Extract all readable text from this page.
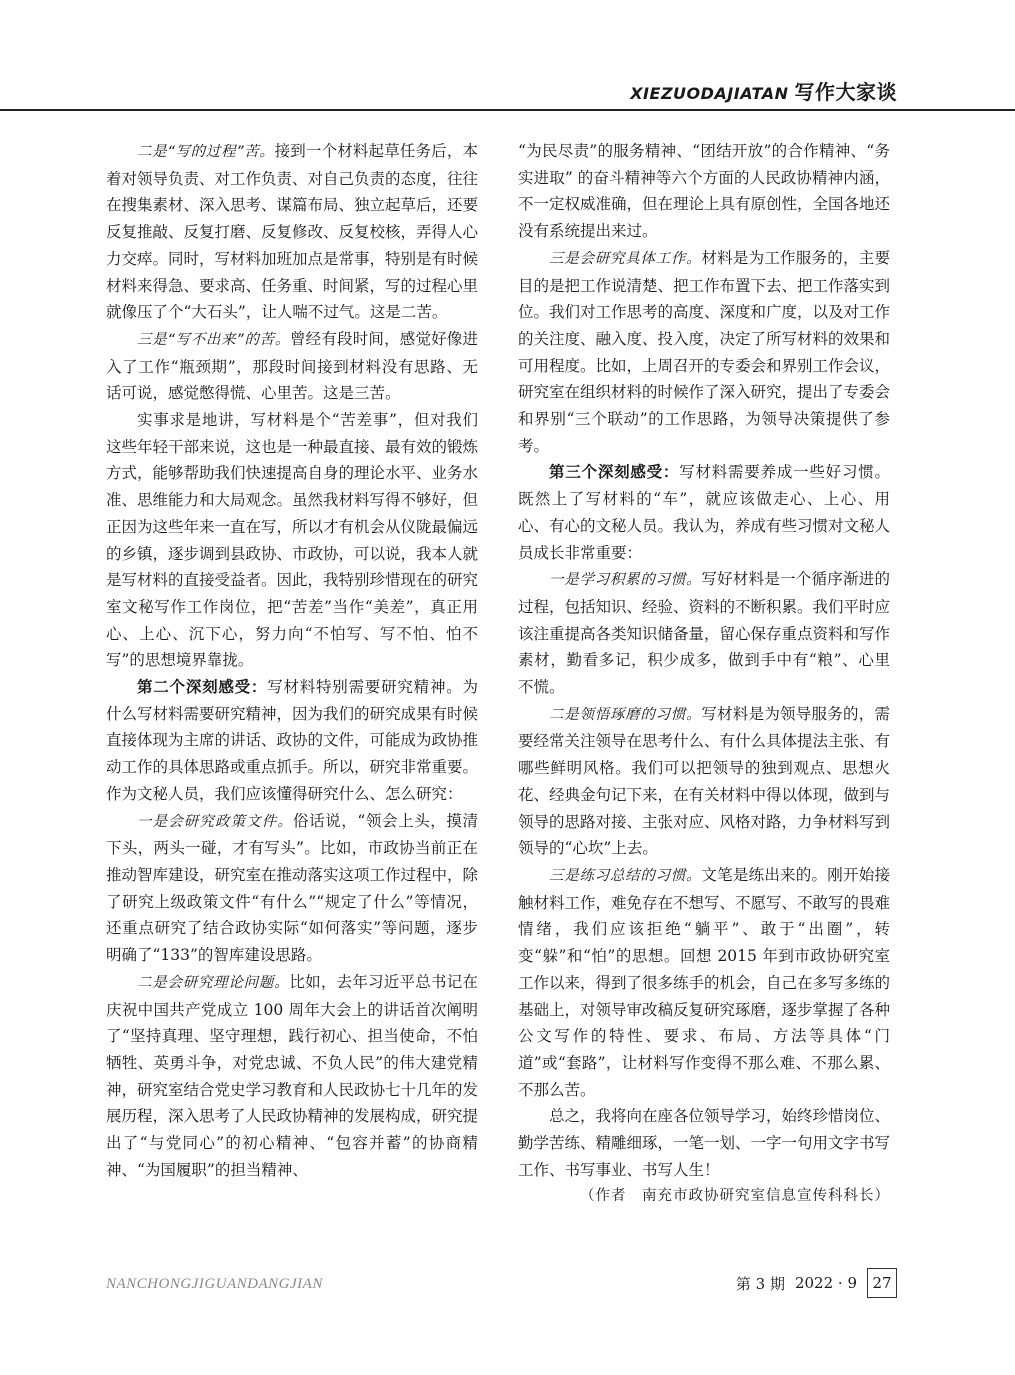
XIEZUODAJIATAN 写作大家谈

二是“写的过程”苦。接到一个材料起草任务后，本着对领导负责、对工作负责、对自己负责的态度，往往在搜集素材、深入思考、谋篇布局、独立起草后，还要反复推敲、反复打磨、反复修改、反复校核，弄得人心力交瘁。同时，写材料加班加点是常事，特别是有时候材料来得急、要求高、任务重、时间紧，写的过程心里就像压了个“大石头”，让人喘不过气。这是二苦。

三是“写不出来”的苦。曾经有段时间，感觉好像进入了工作“瓶颈期”，那段时间接到材料没有思路、无话可说，感觉憋得慌、心里苦。这是三苦。

实事求是地讲，写材料是个“苦差事”，但对我们这些年轻干部来说，这也是一种最直接、最有效的锻炼方式，能够帮助我们快速提高自身的理论水平、业务水准、思维能力和大局观念。虽然我材料写得不够好，但正因为这些年来一直在写，所以才有机会从仪陇最偏远的乡镇，逐步调到县政协、市政协，可以说，我本人就是写材料的直接受益者。因此，我特别珍惜现在的研究室文秘写作工作岗位，把“苦差”当作“美差”，真正用心、上心、沉下心，努力向“不怕写、写不怕、怕不写”的思想境界靠拢。

第二个深刻感受：写材料特别需要研究精神。为什么写材料需要研究精神，因为我们的研究成果有时候直接体现为主席的讲话、政协的文件，可能成为政协推动工作的具体思路或重点抓手。所以，研究非常重要。作为文秘人员，我们应该懂得研究什么、怎么研究：

一是会研究政策文件。俗话说，“领会上头，摸清下头，两头一碰，才有写头”。比如，市政协当前正在推动智库建设，研究室在推动落实这项工作过程中，除了研究上级政策文件“有什么”“规定了什么”等情况，还重点研究了结合政协实际“如何落实”等问题，逐步明确了“133”的智库建设思路。

二是会研究理论问题。比如，去年习近平总书记在庆祝中国共产党成立 100 周年大会上的讲话首次阐明了“坚持真理、坚守理想，践行初心、担当使命，不怕牺牲、英勇斗争，对党忠诚、不负人民”的伟大建党精神，研究室结合党史学习教育和人民政协七十几年的发展历程，深入思考了人民政协精神的发展构成，研究提出了“与党同心”的初心精神、“包容并蓄”的协商精神、“为国履职”的担当精神、

“为民尽责”的服务精神、“团结开放”的合作精神、“务实进取” 的奋斗精神等六个方面的人民政协精神内涵，不一定权威准确，但在理论上具有原创性，全国各地还没有系统提出来过。

三是会研究具体工作。材料是为工作服务的，主要目的是把工作说清楚、把工作布置下去、把工作落实到位。我们对工作思考的高度、深度和广度，以及对工作的关注度、融入度、投入度，决定了所写材料的效果和可用程度。比如，上周召开的专委会和界别工作会议，研究室在组织材料的时候作了深入研究，提出了专委会和界别“三个联动”的工作思路，为领导决策提供了参考。

第三个深刻感受：写材料需要养成一些好习惯。既然上了写材料的“车”，就应该做走心、上心、用心、有心的文秘人员。我认为，养成有些习惯对文秘人员成长非常重要：

一是学习积累的习惯。写好材料是一个循序渐进的过程，包括知识、经验、资料的不断积累。我们平时应该注重提高各类知识储备量，留心保存重点资料和写作素材，勤看多记，积少成多，做到手中有“粮”、心里不慌。

二是领悟琢磨的习惯。写材料是为领导服务的，需要经常关注领导在思考什么、有什么具体提法主张、有哪些鲜明风格。我们可以把领导的独到观点、思想火花、经典金句记下来，在有关材料中得以体现，做到与领导的思路对接、主张对应、风格对路，力争材料写到领导的“心坎”上去。

三是练习总结的习惯。文笔是练出来的。刚开始接触材料工作，难免存在不想写、不愿写、不敢写的畏难情绪，我们应该拒绝“躺平”、敢于“出圈”，转变“躲”和“怕”的思想。回想 2015 年到市政协研究室工作以来，得到了很多练手的机会，自己在多写多练的基础上，对领导审改稿反复研究琢磨，逐步掌握了各种公文写作的特性、要求、布局、方法等具体“门道”或“套路”，让材料写作变得不那么难、不那么累、不那么苦。

总之，我将向在座各位领导学习，始终珍惜岗位、勤学苦练、精雕细琢，一笔一划、一字一句用文字书写工作、书写事业、书写人生！

（作者　南充市政协研究室信息宣传科科长）

NANCHONGJIGUANDANGJIAN	第 3 期 2022 · 9	27
